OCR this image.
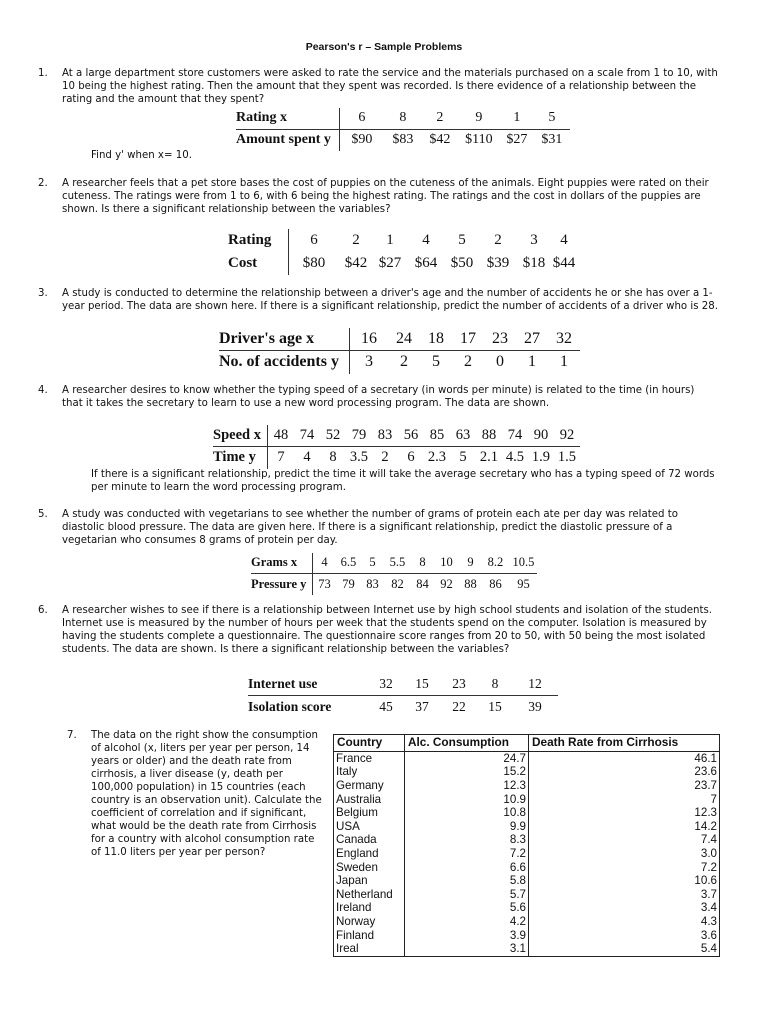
Pearson's r – Sample Problems
1. At a large department store customers were asked to rate the service and the materials purchased on a scale from 1 to 10, with 10 being the highest rating. Then the amount that they spent was recorded. Is there evidence of a relationship between the rating and the amount that they spent?

Rating x	6	8	2	9	1	5
Amount spent y	$90	$83	$42	$110	$27	$31
Find y' when x= 10.
2. A researcher feels that a pet store bases the cost of puppies on the cuteness of the animals. Eight puppies were rated on their cuteness. The ratings were from 1 to 6, with 6 being the highest rating. The ratings and the cost in dollars of the puppies are shown. Is there a significant relationship between the variables?

Rating	6	2	1	4	5	2	3	4
Cost	$80	$42	$27	$64	$50	$39	$18	$44
3. A study is conducted to determine the relationship between a driver's age and the number of accidents he or she has over a 1-year period. The data are shown here. If there is a significant relationship, predict the number of accidents of a driver who is 28.

Driver's age x	16	24	18	17	23	27	32
No. of accidents y	3	2	5	2	0	1	1
4. A researcher desires to know whether the typing speed of a secretary (in words per minute) is related to the time (in hours) that it takes the secretary to learn to use a new word processing program. The data are shown.

Speed x	48	74	52	79	83	56	85	63	88	74	90	92
Time y	7	4	8	3.5	2	6	2.3	5	2.1	4.5	1.9	1.5
If there is a significant relationship, predict the time it will take the average secretary who has a typing speed of 72 words per minute to learn the word processing program.
5. A study was conducted with vegetarians to see whether the number of grams of protein each ate per day was related to diastolic blood pressure. The data are given here. If there is a significant relationship, predict the diastolic pressure of a vegetarian who consumes 8 grams of protein per day.

Grams x	4	6.5	5	5.5	8	10	9	8.2	10.5
Pressure y	73	79	83	82	84	92	88	86	95
6. A researcher wishes to see if there is a relationship between Internet use by high school students and isolation of the students. Internet use is measured by the number of hours per week that the students spend on the computer. Isolation is measured by having the students complete a questionnaire. The questionnaire score ranges from 20 to 50, with 50 being the most isolated students. The data are shown. Is there a significant relationship between the variables?

Internet use	32	15	23	8	12
Isolation score	45	37	22	15	39
7. The data on the right show the consumption of alcohol (x, liters per year per person, 14 years or older) and the death rate from cirrhosis, a liver disease (y, death per 100,000 population) in 15 countries (each country is an observation unit). Calculate the coefficient of correlation and if significant, what would be the death rate from Cirrhosis for a country with alcohol consumption rate of 11.0 liters per year per person?

Country	Alc. Consumption	Death Rate from Cirrhosis
France	24.7	46.1
Italy	15.2	23.6
Germany	12.3	23.7
Australia	10.9	7
Belgium	10.8	12.3
USA	9.9	14.2
Canada	8.3	7.4
England	7.2	3.0
Sweden	6.6	7.2
Japan	5.8	10.6
Netherland	5.7	3.7
Ireland	5.6	3.4
Norway	4.2	4.3
Finland	3.9	3.6
Ireal	3.1	5.4
